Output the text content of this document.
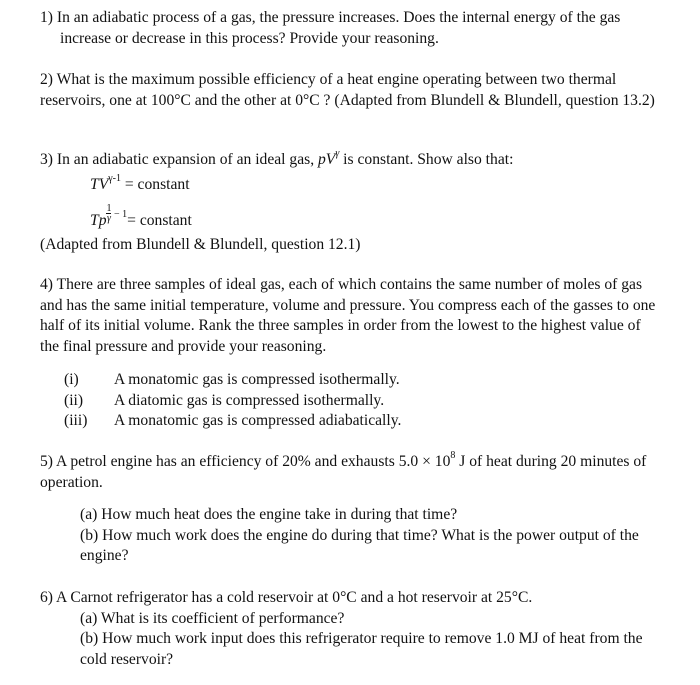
1) In an adiabatic process of a gas, the pressure increases. Does the internal energy of the gas increase or decrease in this process? Provide your reasoning.

2) What is the maximum possible efficiency of a heat engine operating between two thermal reservoirs, one at 100°C and the other at 0°C ? (Adapted from Blundell & Blundell, question 13.2)

3) In an adiabatic expansion of an ideal gas, $pV^\gamma$ is constant. Show also that:

$TV^{\gamma-1}$ = constant
Tp $\frac{1}{\gamma} ^{- 1}=$ constant

(Adapted from Blundell & Blundell, question 12.1)

4) There are three samples of ideal gas, each of which contains the same number of moles of gas and has the same initial temperature, volume and pressure. You compress each of the gasses to one half of its initial volume. Rank the three samples in order from the lowest to the highest value of the final pressure and provide your reasoning.

(i)	A monatomic gas is compressed isothermally.
(ii)	A diatomic gas is compressed isothermally.
(iii)	A monatomic gas is compressed adiabatically.

5) A petrol engine has an efficiency of 20% and exhausts $5.0 \times 10^8$ J of heat during 20 minutes of operation.

(a) How much heat does the engine take in during that time?

(b) How much work does the engine do during that time? What is the power output of the engine?

6) A Carnot refrigerator has a cold reservoir at 0°C and a hot reservoir at 25°C.

(a) What is its coefficient of performance?

(b) How much work input does this refrigerator require to remove 1.0 MJ of heat from the cold reservoir?
